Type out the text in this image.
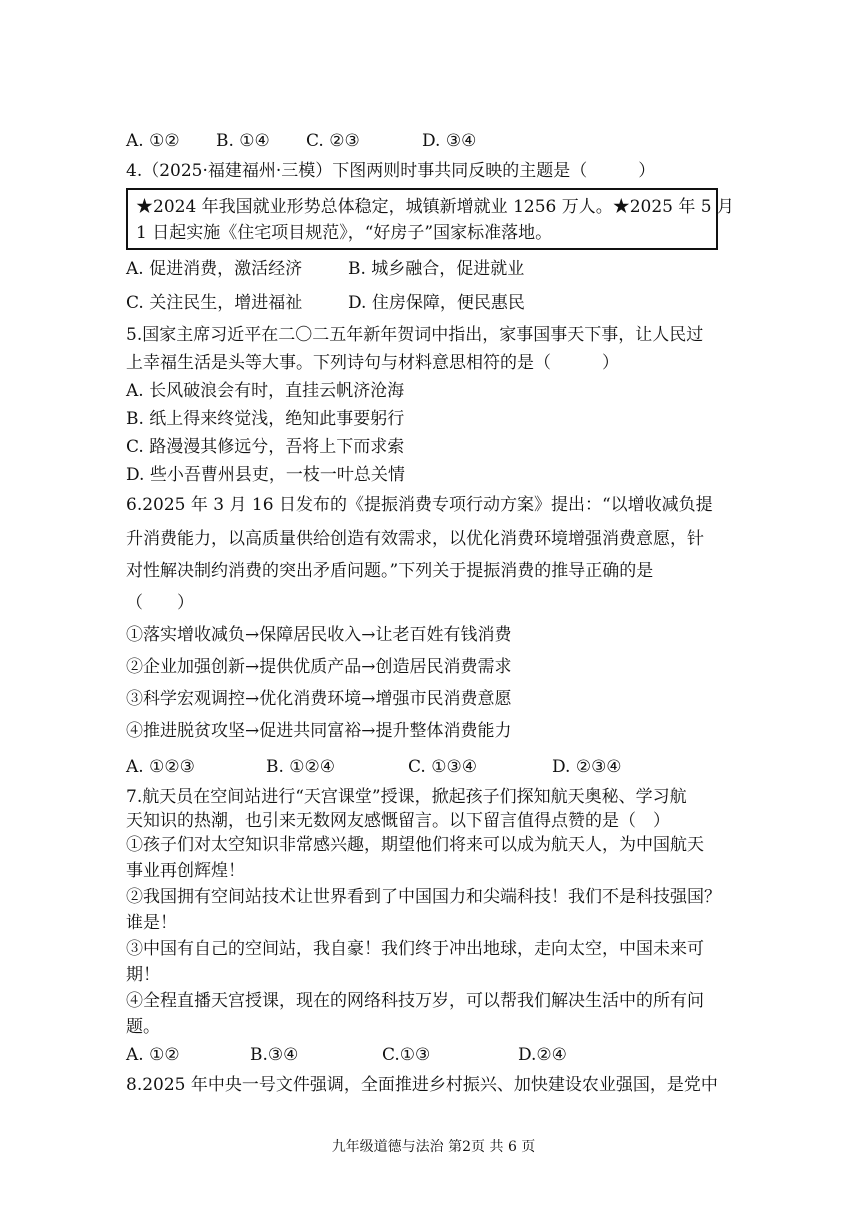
A. ①② B. ①④ C. ②③	D. ③④
4.（2025·福建福州·三模）下图两则时事共同反映的主题是（　　　）
★2024 年我国就业形势总体稳定，城镇新增就业 1256 万人。★2025 年 5 月
1 日起实施《住宅项目规范》，“好房子”国家标准落地。
A. 促进消费，激活经济	B. 城乡融合，促进就业
C. 关注民生，增进福祉	D. 住房保障，便民惠民
5.国家主席习近平在二〇二五年新年贺词中指出，家事国事天下事，让人民过
上幸福生活是头等大事。下列诗句与材料意思相符的是（　　　）
A. 长风破浪会有时，直挂云帆济沧海
B. 纸上得来终觉浅，绝知此事要躬行
C. 路漫漫其修远兮，吾将上下而求索
D. 些小吾曹州县吏，一枝一叶总关情
6.2025 年 3 月 16 日发布的《提振消费专项行动方案》提出：“以增收减负提
升消费能力，以高质量供给创造有效需求，以优化消费环境增强消费意愿，针
对性解决制约消费的突出矛盾问题。”下列关于提振消费的推导正确的是
（　　）
①落实增收减负→保障居民收入→让老百姓有钱消费
②企业加强创新→提供优质产品→创造居民消费需求
③科学宏观调控→优化消费环境→增强市民消费意愿
④推进脱贫攻坚→促进共同富裕→提升整体消费能力
A. ①②③	B. ①②④	C. ①③④	D. ②③④
7.航天员在空间站进行“天宫课堂”授课，掀起孩子们探知航天奥秘、学习航
天知识的热潮，也引来无数网友感慨留言。以下留言值得点赞的是（　）
①孩子们对太空知识非常感兴趣，期望他们将来可以成为航天人，为中国航天
事业再创辉煌！
②我国拥有空间站技术让世界看到了中国国力和尖端科技！我们不是科技强国？
谁是！
③中国有自己的空间站，我自豪！我们终于冲出地球，走向太空，中国未来可
期！
④全程直播天宫授课，现在的网络科技万岁，可以帮我们解决生活中的所有问
题。
A. ①②	B.③④	C.①③	D.②④
8.2025 年中央一号文件强调，全面推进乡村振兴、加快建设农业强国，是党中
九年级道德与法治 第2页 共 6 页
